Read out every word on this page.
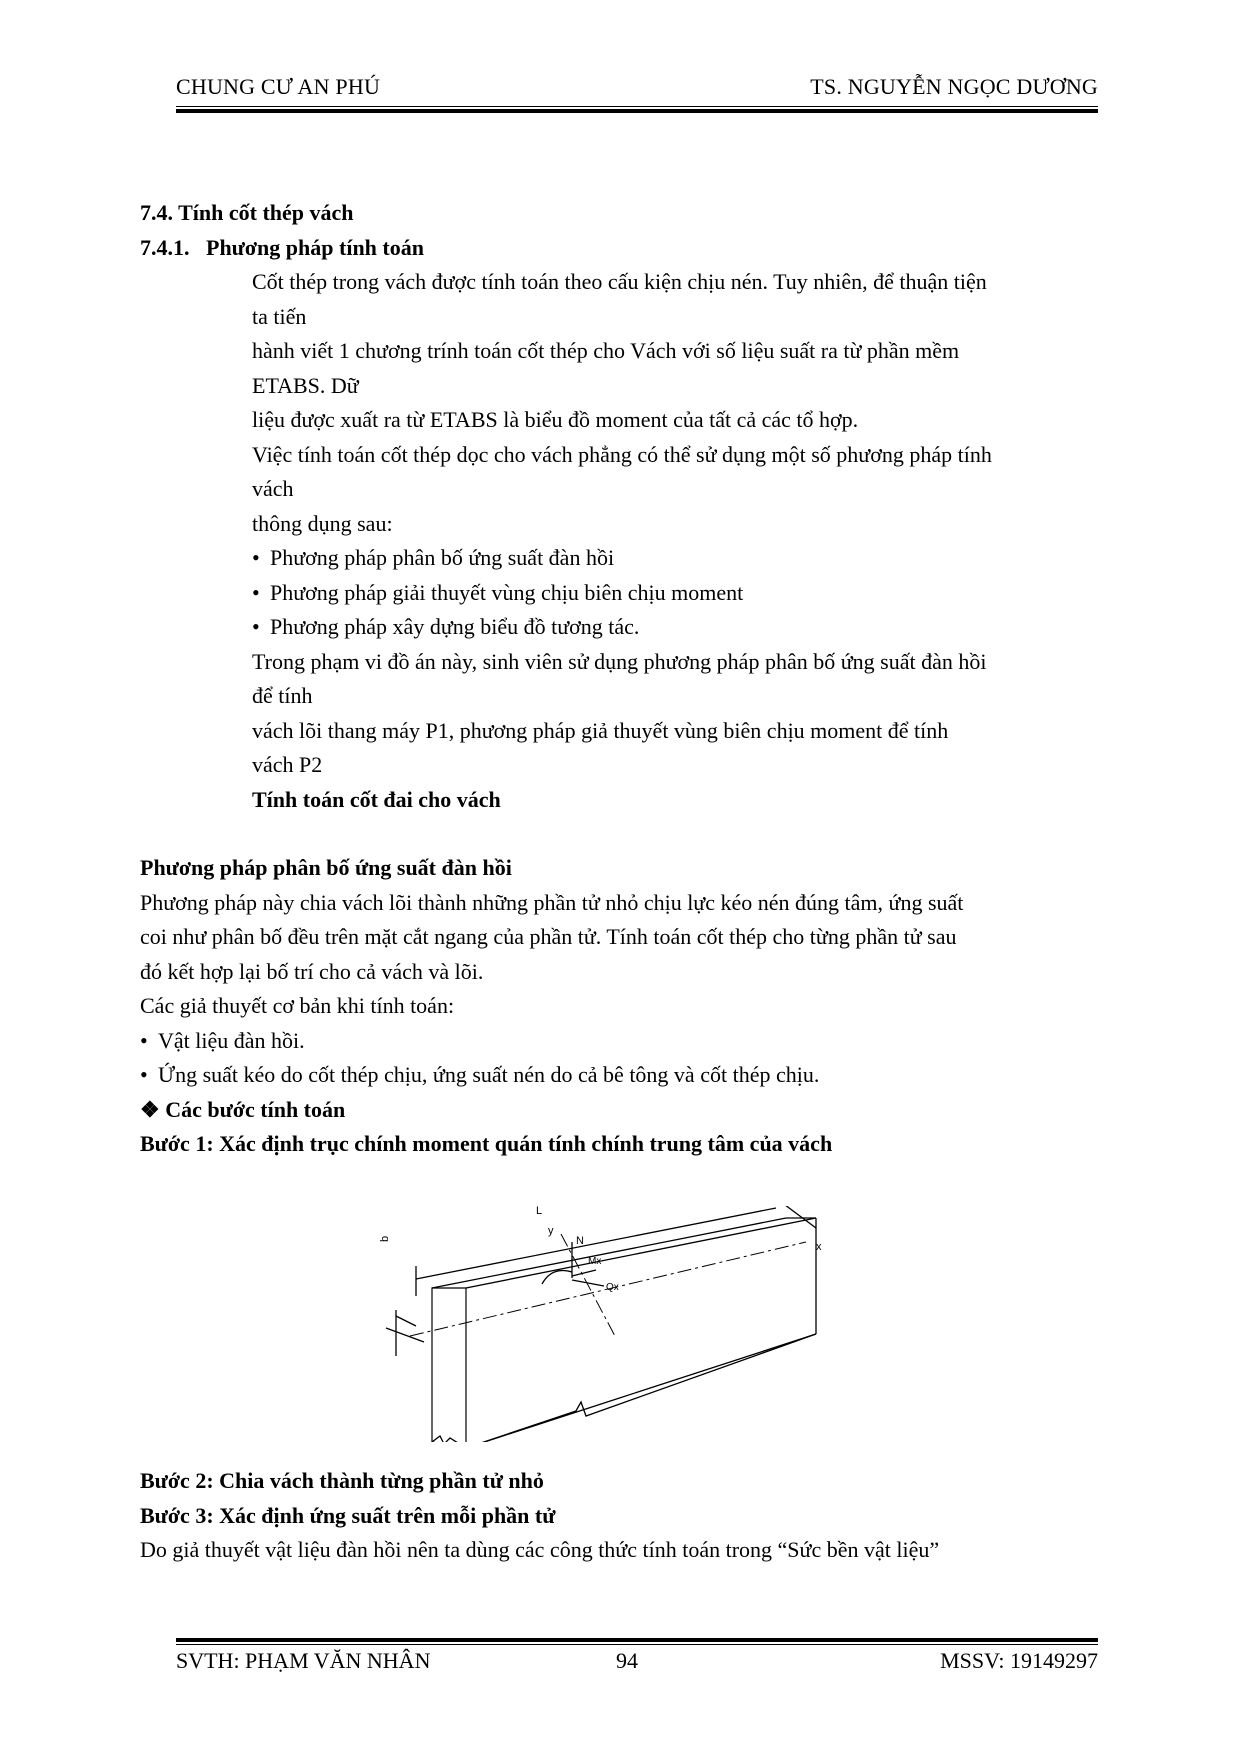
CHUNG CƯ AN PHÚ	TS. NGUYỄN NGỌC DƯƠNG
7.4. Tính cốt thép vách
7.4.1.   Phương pháp tính toán
Cốt thép trong vách được tính toán theo cấu kiện chịu nén. Tuy nhiên, để thuận tiện
ta tiến
hành viết 1 chương trính toán cốt thép cho Vách với số liệu suất ra từ phần mềm
ETABS. Dữ
liệu được xuất ra từ ETABS là biểu đồ moment của tất cả các tổ hợp.
Việc tính toán cốt thép dọc cho vách phẳng có thể sử dụng một số phương pháp tính
vách
thông dụng sau:
• Phương pháp phân bố ứng suất đàn hồi
• Phương pháp giải thuyết vùng chịu biên chịu moment
• Phương pháp xây dựng biểu đồ tương tác.
Trong phạm vi đồ án này, sinh viên sử dụng phương pháp phân bố ứng suất đàn hồi
để tính
vách lõi thang máy P1, phương pháp giả thuyết vùng biên chịu moment để tính
vách P2
Tính toán cốt đai cho vách
Phương pháp phân bố ứng suất đàn hồi
Phương pháp này chia vách lõi thành những phần tử nhỏ chịu lực kéo nén đúng tâm, ứng suất
coi như phân bố đều trên mặt cắt ngang của phần tử. Tính toán cốt thép cho từng phần tử sau
đó kết hợp lại bố trí cho cả vách và lõi.
Các giả thuyết cơ bản khi tính toán:
• Vật liệu đàn hồi.
• Ứng suất kéo do cốt thép chịu, ứng suất nén do cả bê tông và cốt thép chịu.
❖ Các bước tính toán
Bước 1: Xác định trục chính moment quán tính chính trung tâm của vách
L
y
x
N
Mx
Qx
b
Bước 2: Chia vách thành từng phần tử nhỏ
Bước 3: Xác định ứng suất trên mỗi phần tử
Do giả thuyết vật liệu đàn hồi nên ta dùng các công thức tính toán trong “Sức bền vật liệu”
SVTH: PHẠM VĂN NHÂN	94	MSSV: 19149297
